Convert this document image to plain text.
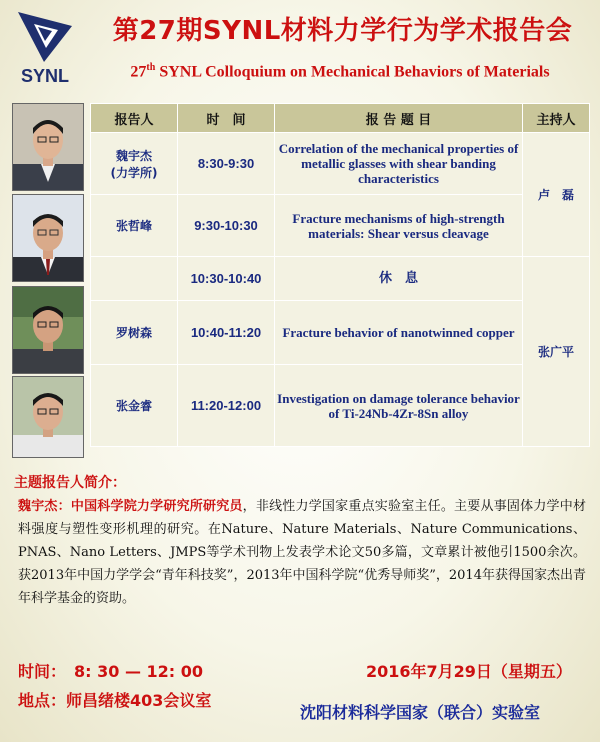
SYNL
第27期SYNL材料力学行为学术报告会
27th SYNL Colloquium on Mechanical Behaviors of Materials
报告人	时　间	报 告 题 目	主持人
魏宇杰
(力学所)	8:30-9:30	Correlation of the mechanical properties of metallic glasses with shear banding characteristics	卢　磊
张哲峰	9:30-10:30	Fracture mechanisms of high-strength materials: Shear versus cleavage	
	10:30-10:40	休　息	张广平
罗树森	10:40-11:20	Fracture behavior of nanotwinned copper	
张金睿	11:20-12:00	Investigation on damage tolerance behavior of Ti-24Nb-4Zr-8Sn alloy	
主题报告人简介：
魏宇杰：中国科学院力学研究所研究员，非线性力学国家重点实验室主任。主要从事固体力学中材料强度与塑性变形机理的研究。在Nature、Nature Materials、Nature Communications、PNAS、Nano Letters、JMPS等学术刊物上发表学术论文50多篇，文章累计被他引1500余次。获2013年中国力学学会“青年科技奖”，2013年中国科学院“优秀导师奖”，2014年获得国家杰出青年科学基金的资助。
时间： 8: 30 — 12: 00
地点：师昌绪楼403会议室
2016年7月29日（星期五）
沈阳材料科学国家（联合）实验室
